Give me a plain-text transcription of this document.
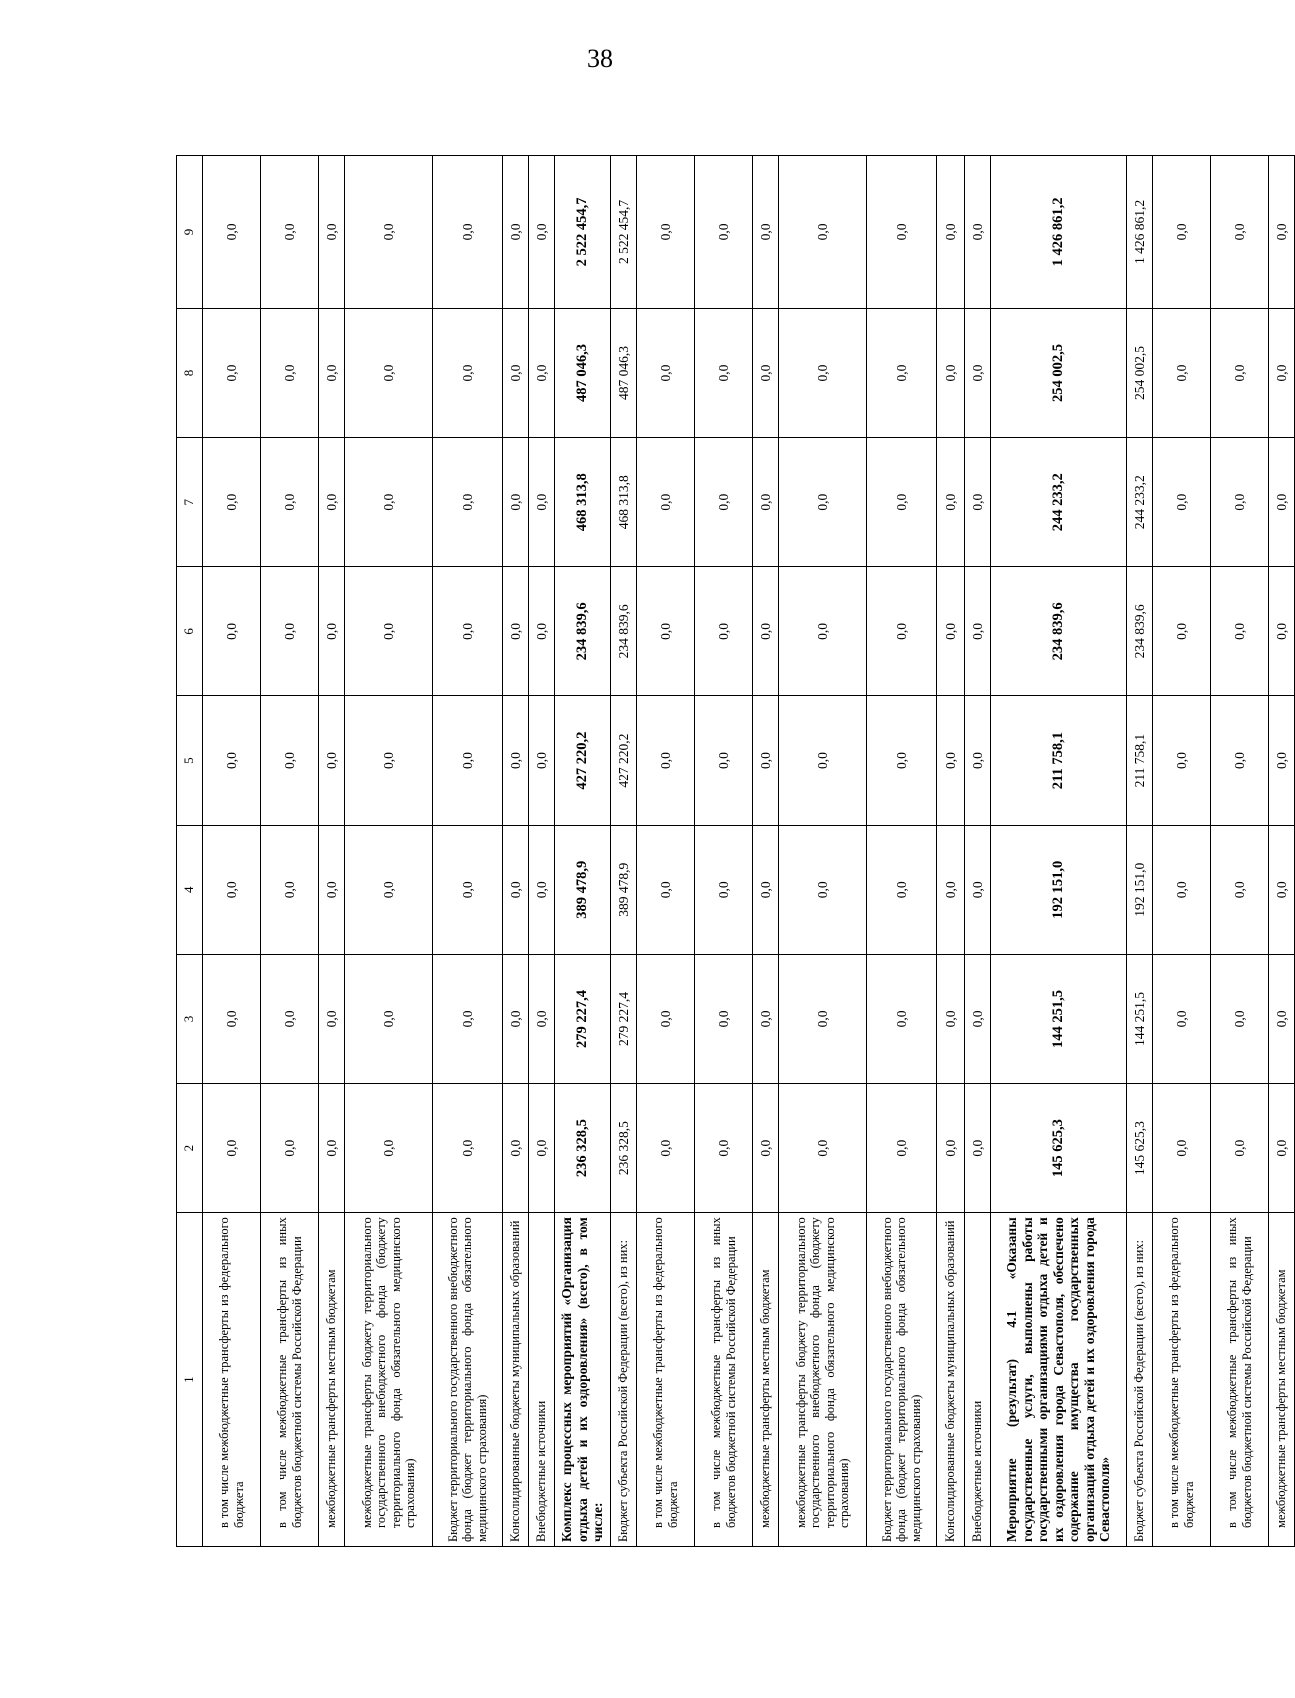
38
1	2	3	4	5	6	7	8	9
в том числе межбюджетные трансферты из федерального бюджета	0,0	0,0	0,0	0,0	0,0	0,0	0,0	0,0
в том числе межбюджетные трансферты из иных бюджетов бюджетной системы Российской Федерации	0,0	0,0	0,0	0,0	0,0	0,0	0,0	0,0
межбюджетные трансферты местным бюджетам	0,0	0,0	0,0	0,0	0,0	0,0	0,0	0,0
межбюджетные трансферты бюджету территориального государственного внебюджетного фонда (бюджету территориального фонда обязательного медицинского страхования)	0,0	0,0	0,0	0,0	0,0	0,0	0,0	0,0
Бюджет территориального государственного внебюджетного фонда (бюджет территориального фонда обязательного медицинского страхования)	0,0	0,0	0,0	0,0	0,0	0,0	0,0	0,0
Консолидированные бюджеты муниципальных образований	0,0	0,0	0,0	0,0	0,0	0,0	0,0	0,0
Внебюджетные источники	0,0	0,0	0,0	0,0	0,0	0,0	0,0	0,0
Комплекс процессных мероприятий «Организация отдыха детей и их оздоровления» (всего), в том числе:	236 328,5	279 227,4	389 478,9	427 220,2	234 839,6	468 313,8	487 046,3	2 522 454,7
Бюджет субъекта Российской Федерации (всего), из них:	236 328,5	279 227,4	389 478,9	427 220,2	234 839,6	468 313,8	487 046,3	2 522 454,7
в том числе межбюджетные трансферты из федерального бюджета	0,0	0,0	0,0	0,0	0,0	0,0	0,0	0,0
в том числе межбюджетные трансферты из иных бюджетов бюджетной системы Российской Федерации	0,0	0,0	0,0	0,0	0,0	0,0	0,0	0,0
межбюджетные трансферты местным бюджетам	0,0	0,0	0,0	0,0	0,0	0,0	0,0	0,0
межбюджетные трансферты бюджету территориального государственного внебюджетного фонда (бюджету территориального фонда обязательного медицинского страхования)	0,0	0,0	0,0	0,0	0,0	0,0	0,0	0,0
Бюджет территориального государственного внебюджетного фонда (бюджет территориального фонда обязательного медицинского страхования)	0,0	0,0	0,0	0,0	0,0	0,0	0,0	0,0
Консолидированные бюджеты муниципальных образований	0,0	0,0	0,0	0,0	0,0	0,0	0,0	0,0
Внебюджетные источники	0,0	0,0	0,0	0,0	0,0	0,0	0,0	0,0
Мероприятие (результат) 4.1 «Оказаны государственные услуги, выполнены работы государственными организациями отдыха детей и их оздоровления города Севастополя, обеспечено содержание имущества государственных организаций отдыха детей и их оздоровления города Севастополя»	145 625,3	144 251,5	192 151,0	211 758,1	234 839,6	244 233,2	254 002,5	1 426 861,2
Бюджет субъекта Российской Федерации (всего), из них:	145 625,3	144 251,5	192 151,0	211 758,1	234 839,6	244 233,2	254 002,5	1 426 861,2
в том числе межбюджетные трансферты из федерального бюджета	0,0	0,0	0,0	0,0	0,0	0,0	0,0	0,0
в том числе межбюджетные трансферты из иных бюджетов бюджетной системы Российской Федерации	0,0	0,0	0,0	0,0	0,0	0,0	0,0	0,0
межбюджетные трансферты местным бюджетам	0,0	0,0	0,0	0,0	0,0	0,0	0,0	0,0
